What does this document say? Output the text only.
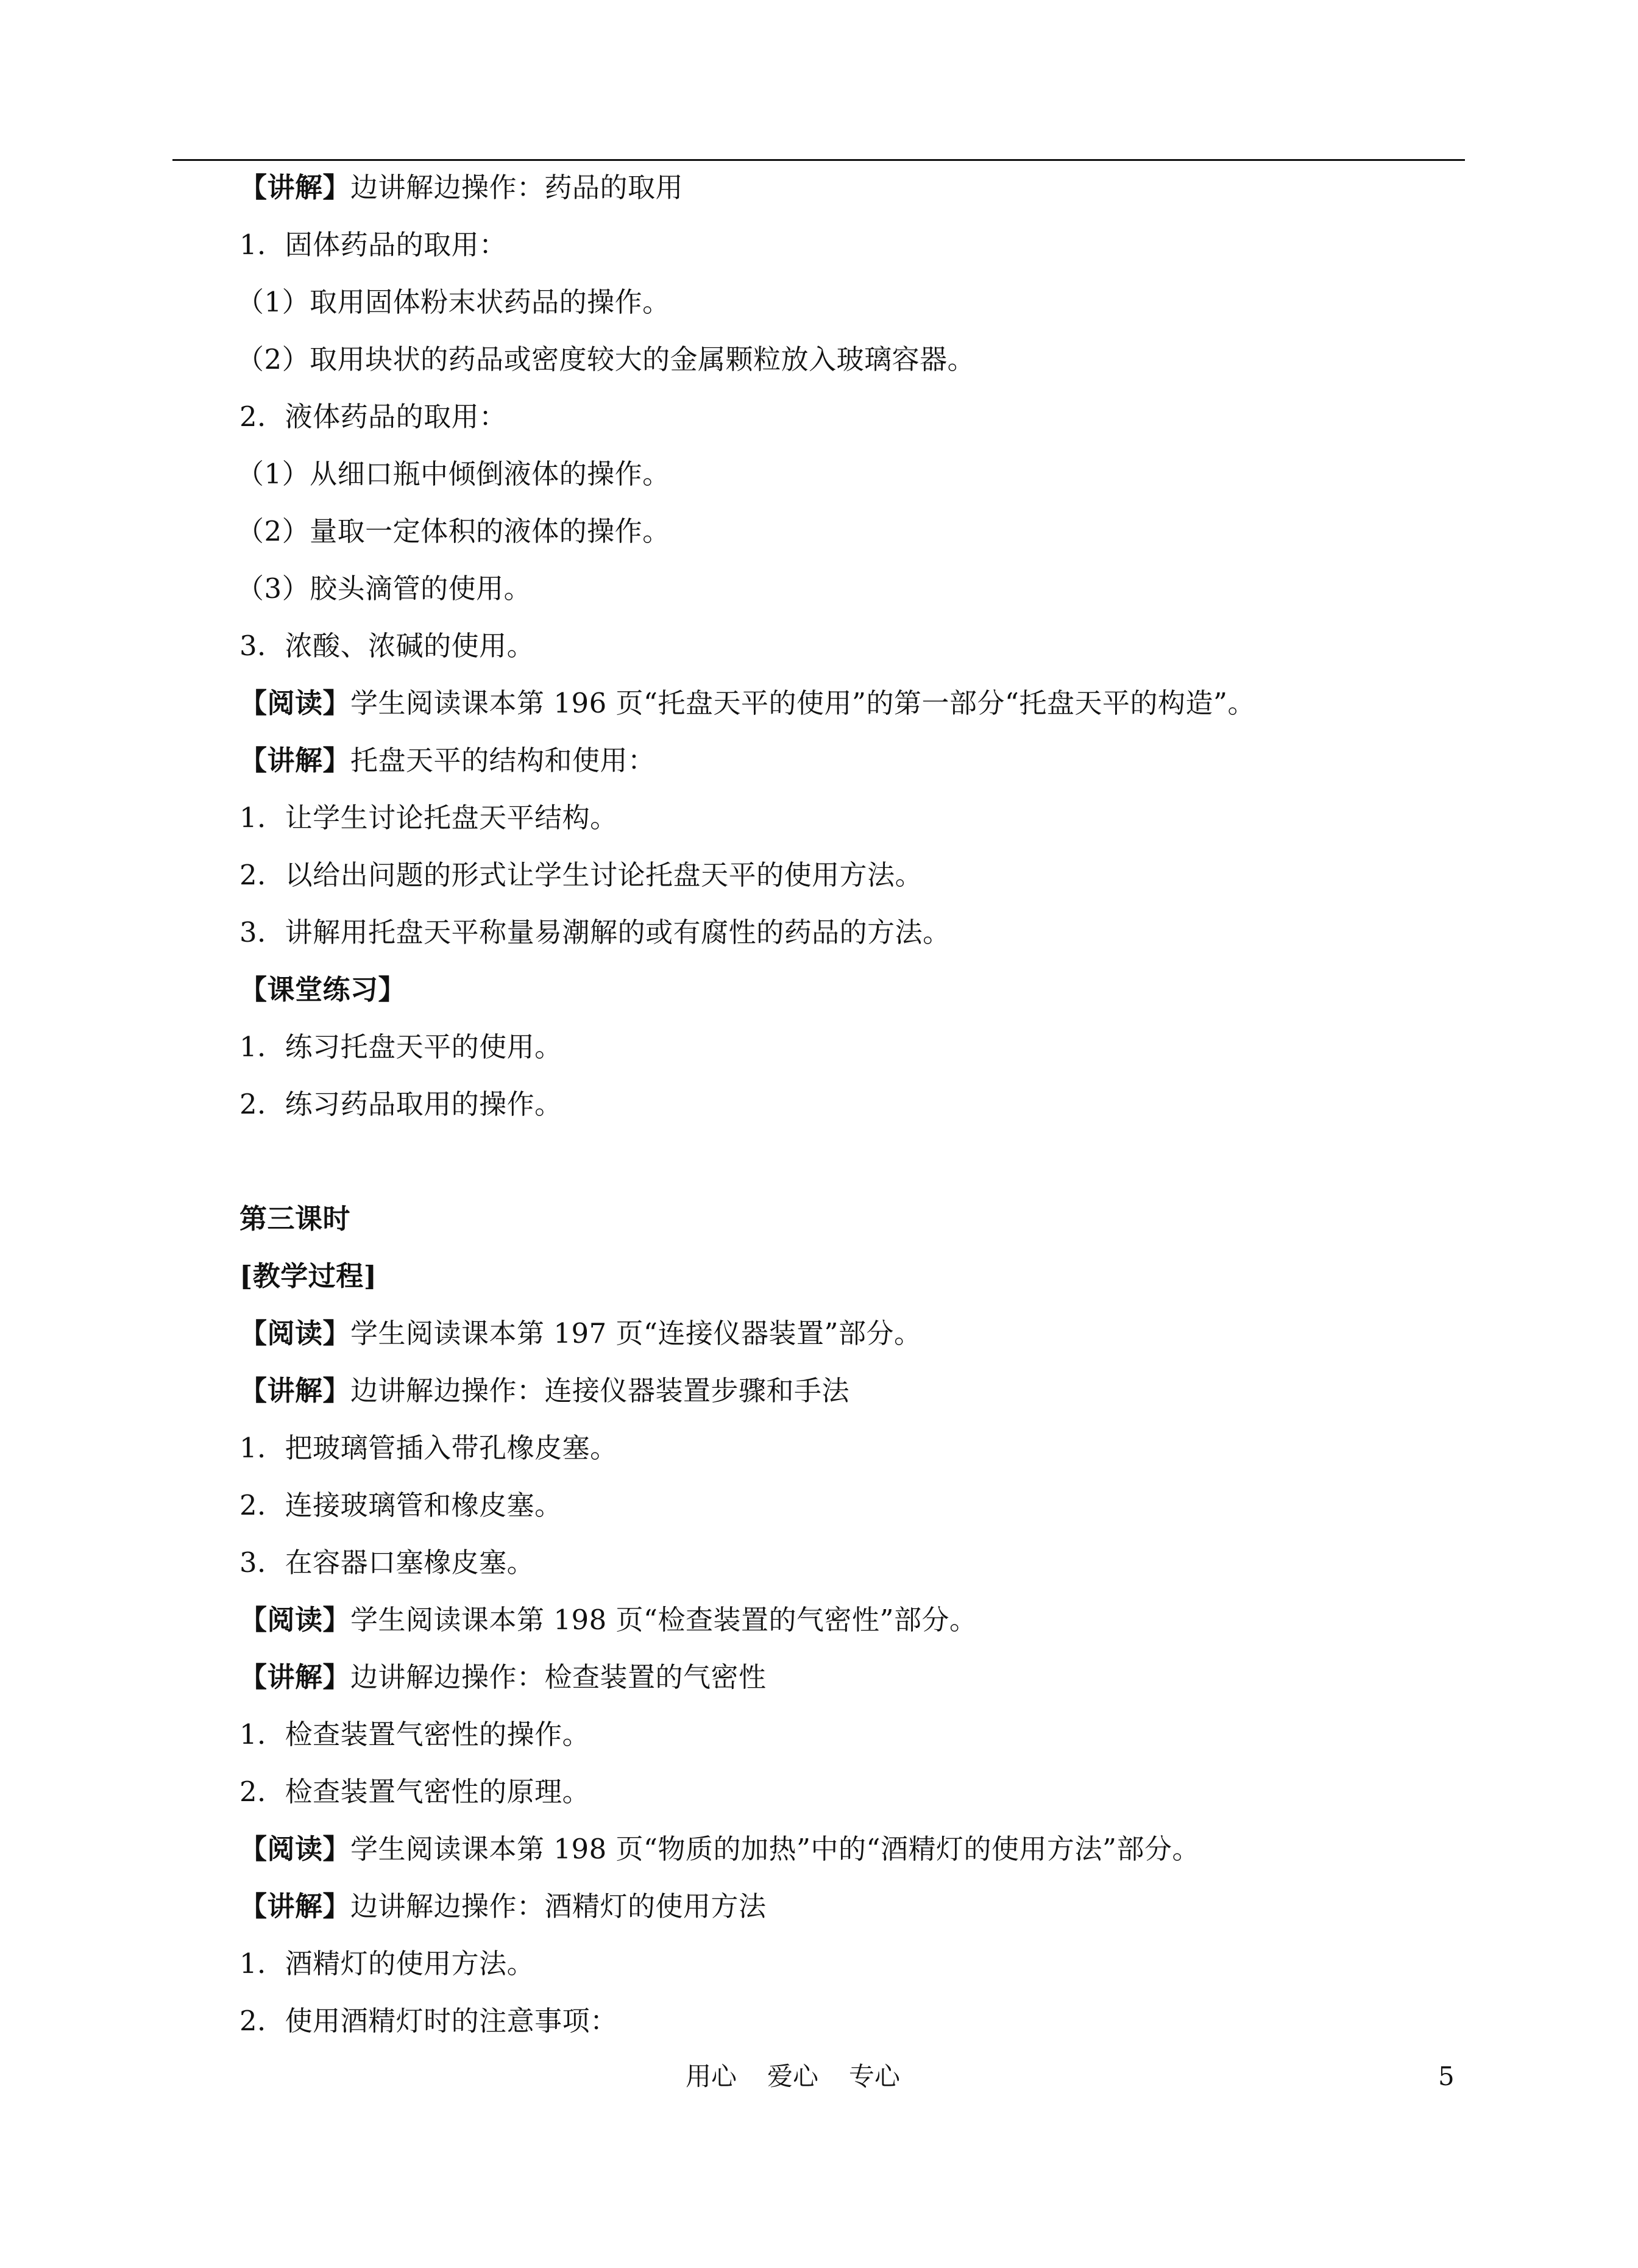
【讲解】边讲解边操作：药品的取用
1．固体药品的取用：
（1）取用固体粉末状药品的操作。
（2）取用块状的药品或密度较大的金属颗粒放入玻璃容器。
2．液体药品的取用：
（1）从细口瓶中倾倒液体的操作。
（2）量取一定体积的液体的操作。
（3）胶头滴管的使用。
3．浓酸、浓碱的使用。
【阅读】学生阅读课本第 196 页“托盘天平的使用”的第一部分“托盘天平的构造”。
【讲解】托盘天平的结构和使用：
1．让学生讨论托盘天平结构。
2．以给出问题的形式让学生讨论托盘天平的使用方法。
3．讲解用托盘天平称量易潮解的或有腐性的药品的方法。
【课堂练习】
1．练习托盘天平的使用。
2．练习药品取用的操作。
第三课时
[教学过程]
【阅读】学生阅读课本第 197 页“连接仪器装置”部分。
【讲解】边讲解边操作：连接仪器装置步骤和手法
1．把玻璃管插入带孔橡皮塞。
2．连接玻璃管和橡皮塞。
3．在容器口塞橡皮塞。
【阅读】学生阅读课本第 198 页“检查装置的气密性”部分。
【讲解】边讲解边操作：检查装置的气密性
1．检查装置气密性的操作。
2．检查装置气密性的原理。
【阅读】学生阅读课本第 198 页“物质的加热”中的“酒精灯的使用方法”部分。
【讲解】边讲解边操作：酒精灯的使用方法
1．酒精灯的使用方法。
2．使用酒精灯时的注意事项：
用心 爱心 专心	5
